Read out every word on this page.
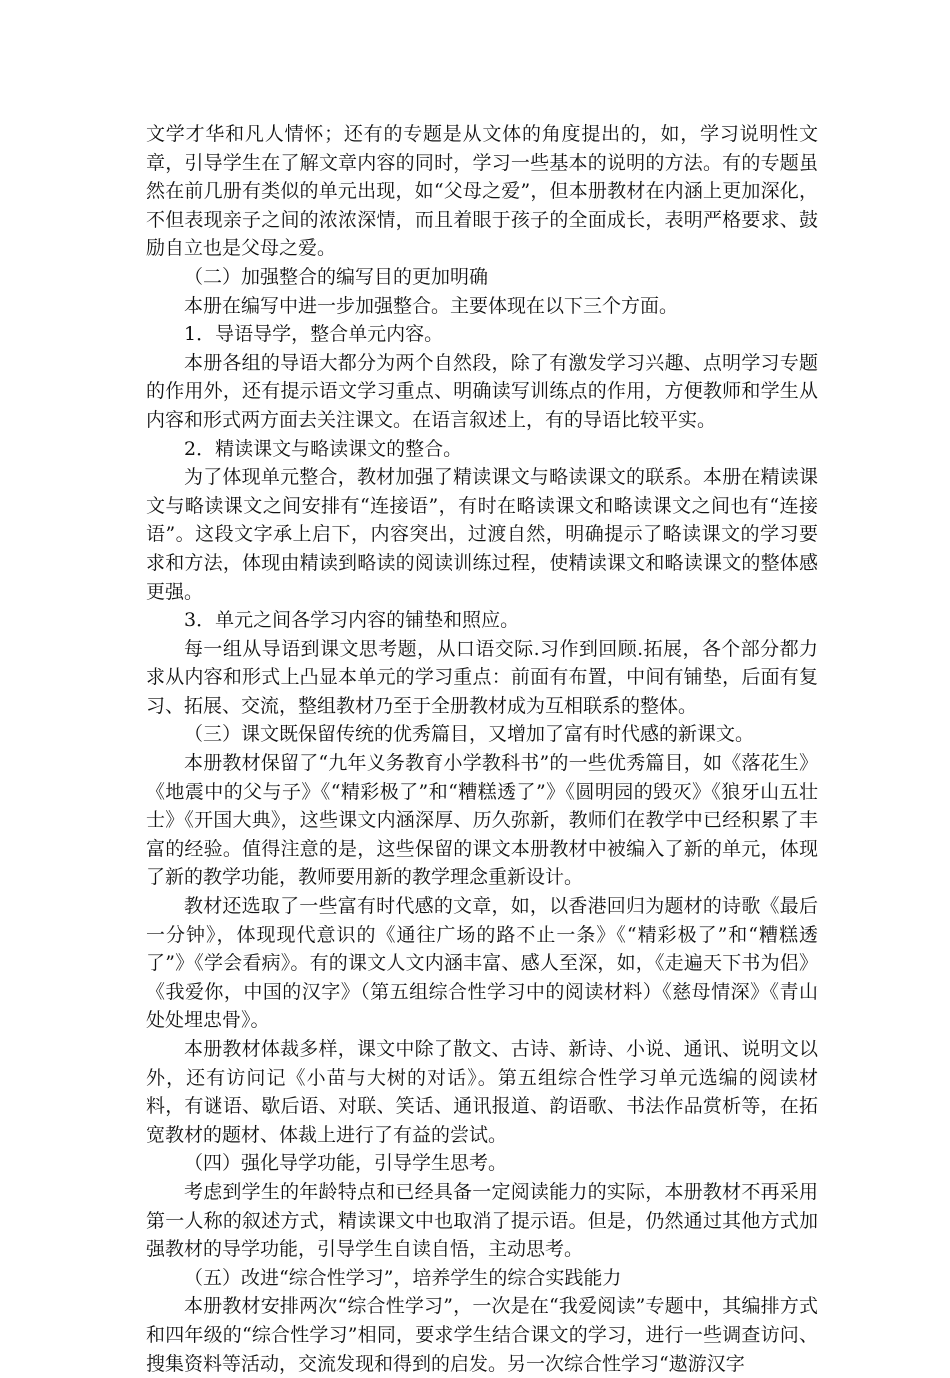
文学才华和凡人情怀；还有的专题是从文体的角度提出的，如，学习说明性文章，引导学生在了解文章内容的同时，学习一些基本的说明的方法。有的专题虽然在前几册有类似的单元出现，如“父母之爱”，但本册教材在内涵上更加深化，不但表现亲子之间的浓浓深情，而且着眼于孩子的全面成长，表明严格要求、鼓励自立也是父母之爱。

（二）加强整合的编写目的更加明确

本册在编写中进一步加强整合。主要体现在以下三个方面。

1．导语导学，整合单元内容。

本册各组的导语大都分为两个自然段，除了有激发学习兴趣、点明学习专题的作用外，还有提示语文学习重点、明确读写训练点的作用，方便教师和学生从内容和形式两方面去关注课文。在语言叙述上，有的导语比较平实。

2．精读课文与略读课文的整合。

为了体现单元整合，教材加强了精读课文与略读课文的联系。本册在精读课文与略读课文之间安排有“连接语”，有时在略读课文和略读课文之间也有“连接语”。这段文字承上启下，内容突出，过渡自然，明确提示了略读课文的学习要求和方法，体现由精读到略读的阅读训练过程，使精读课文和略读课文的整体感更强。

3．单元之间各学习内容的铺垫和照应。

每一组从导语到课文思考题，从口语交际.习作到回顾.拓展，各个部分都力求从内容和形式上凸显本单元的学习重点：前面有布置，中间有铺垫，后面有复习、拓展、交流，整组教材乃至于全册教材成为互相联系的整体。

（三）课文既保留传统的优秀篇目，又增加了富有时代感的新课文。

本册教材保留了“九年义务教育小学教科书”的一些优秀篇目，如《落花生》《地震中的父与子》《“精彩极了”和“糟糕透了”》《圆明园的毁灭》《狼牙山五壮士》《开国大典》，这些课文内涵深厚、历久弥新，教师们在教学中已经积累了丰富的经验。值得注意的是，这些保留的课文本册教材中被编入了新的单元，体现了新的教学功能，教师要用新的教学理念重新设计。

教材还选取了一些富有时代感的文章，如，以香港回归为题材的诗歌《最后一分钟》，体现现代意识的《通往广场的路不止一条》《“精彩极了”和“糟糕透了”》《学会看病》。有的课文人文内涵丰富、感人至深，如，《走遍天下书为侣》《我爱你，中国的汉字》（第五组综合性学习中的阅读材料）《慈母情深》《青山处处埋忠骨》。

本册教材体裁多样，课文中除了散文、古诗、新诗、小说、通讯、说明文以外，还有访问记《小苗与大树的对话》。第五组综合性学习单元选编的阅读材料，有谜语、歇后语、对联、笑话、通讯报道、韵语歌、书法作品赏析等，在拓宽教材的题材、体裁上进行了有益的尝试。

（四）强化导学功能，引导学生思考。

考虑到学生的年龄特点和已经具备一定阅读能力的实际，本册教材不再采用第一人称的叙述方式，精读课文中也取消了提示语。但是，仍然通过其他方式加强教材的导学功能，引导学生自读自悟，主动思考。

（五）改进“综合性学习”，培养学生的综合实践能力

本册教材安排两次“综合性学习”，一次是在“我爱阅读”专题中，其编排方式和四年级的“综合性学习”相同，要求学生结合课文的学习，进行一些调查访问、搜集资料等活动，交流发现和得到的启发。另一次综合性学习“遨游汉字
